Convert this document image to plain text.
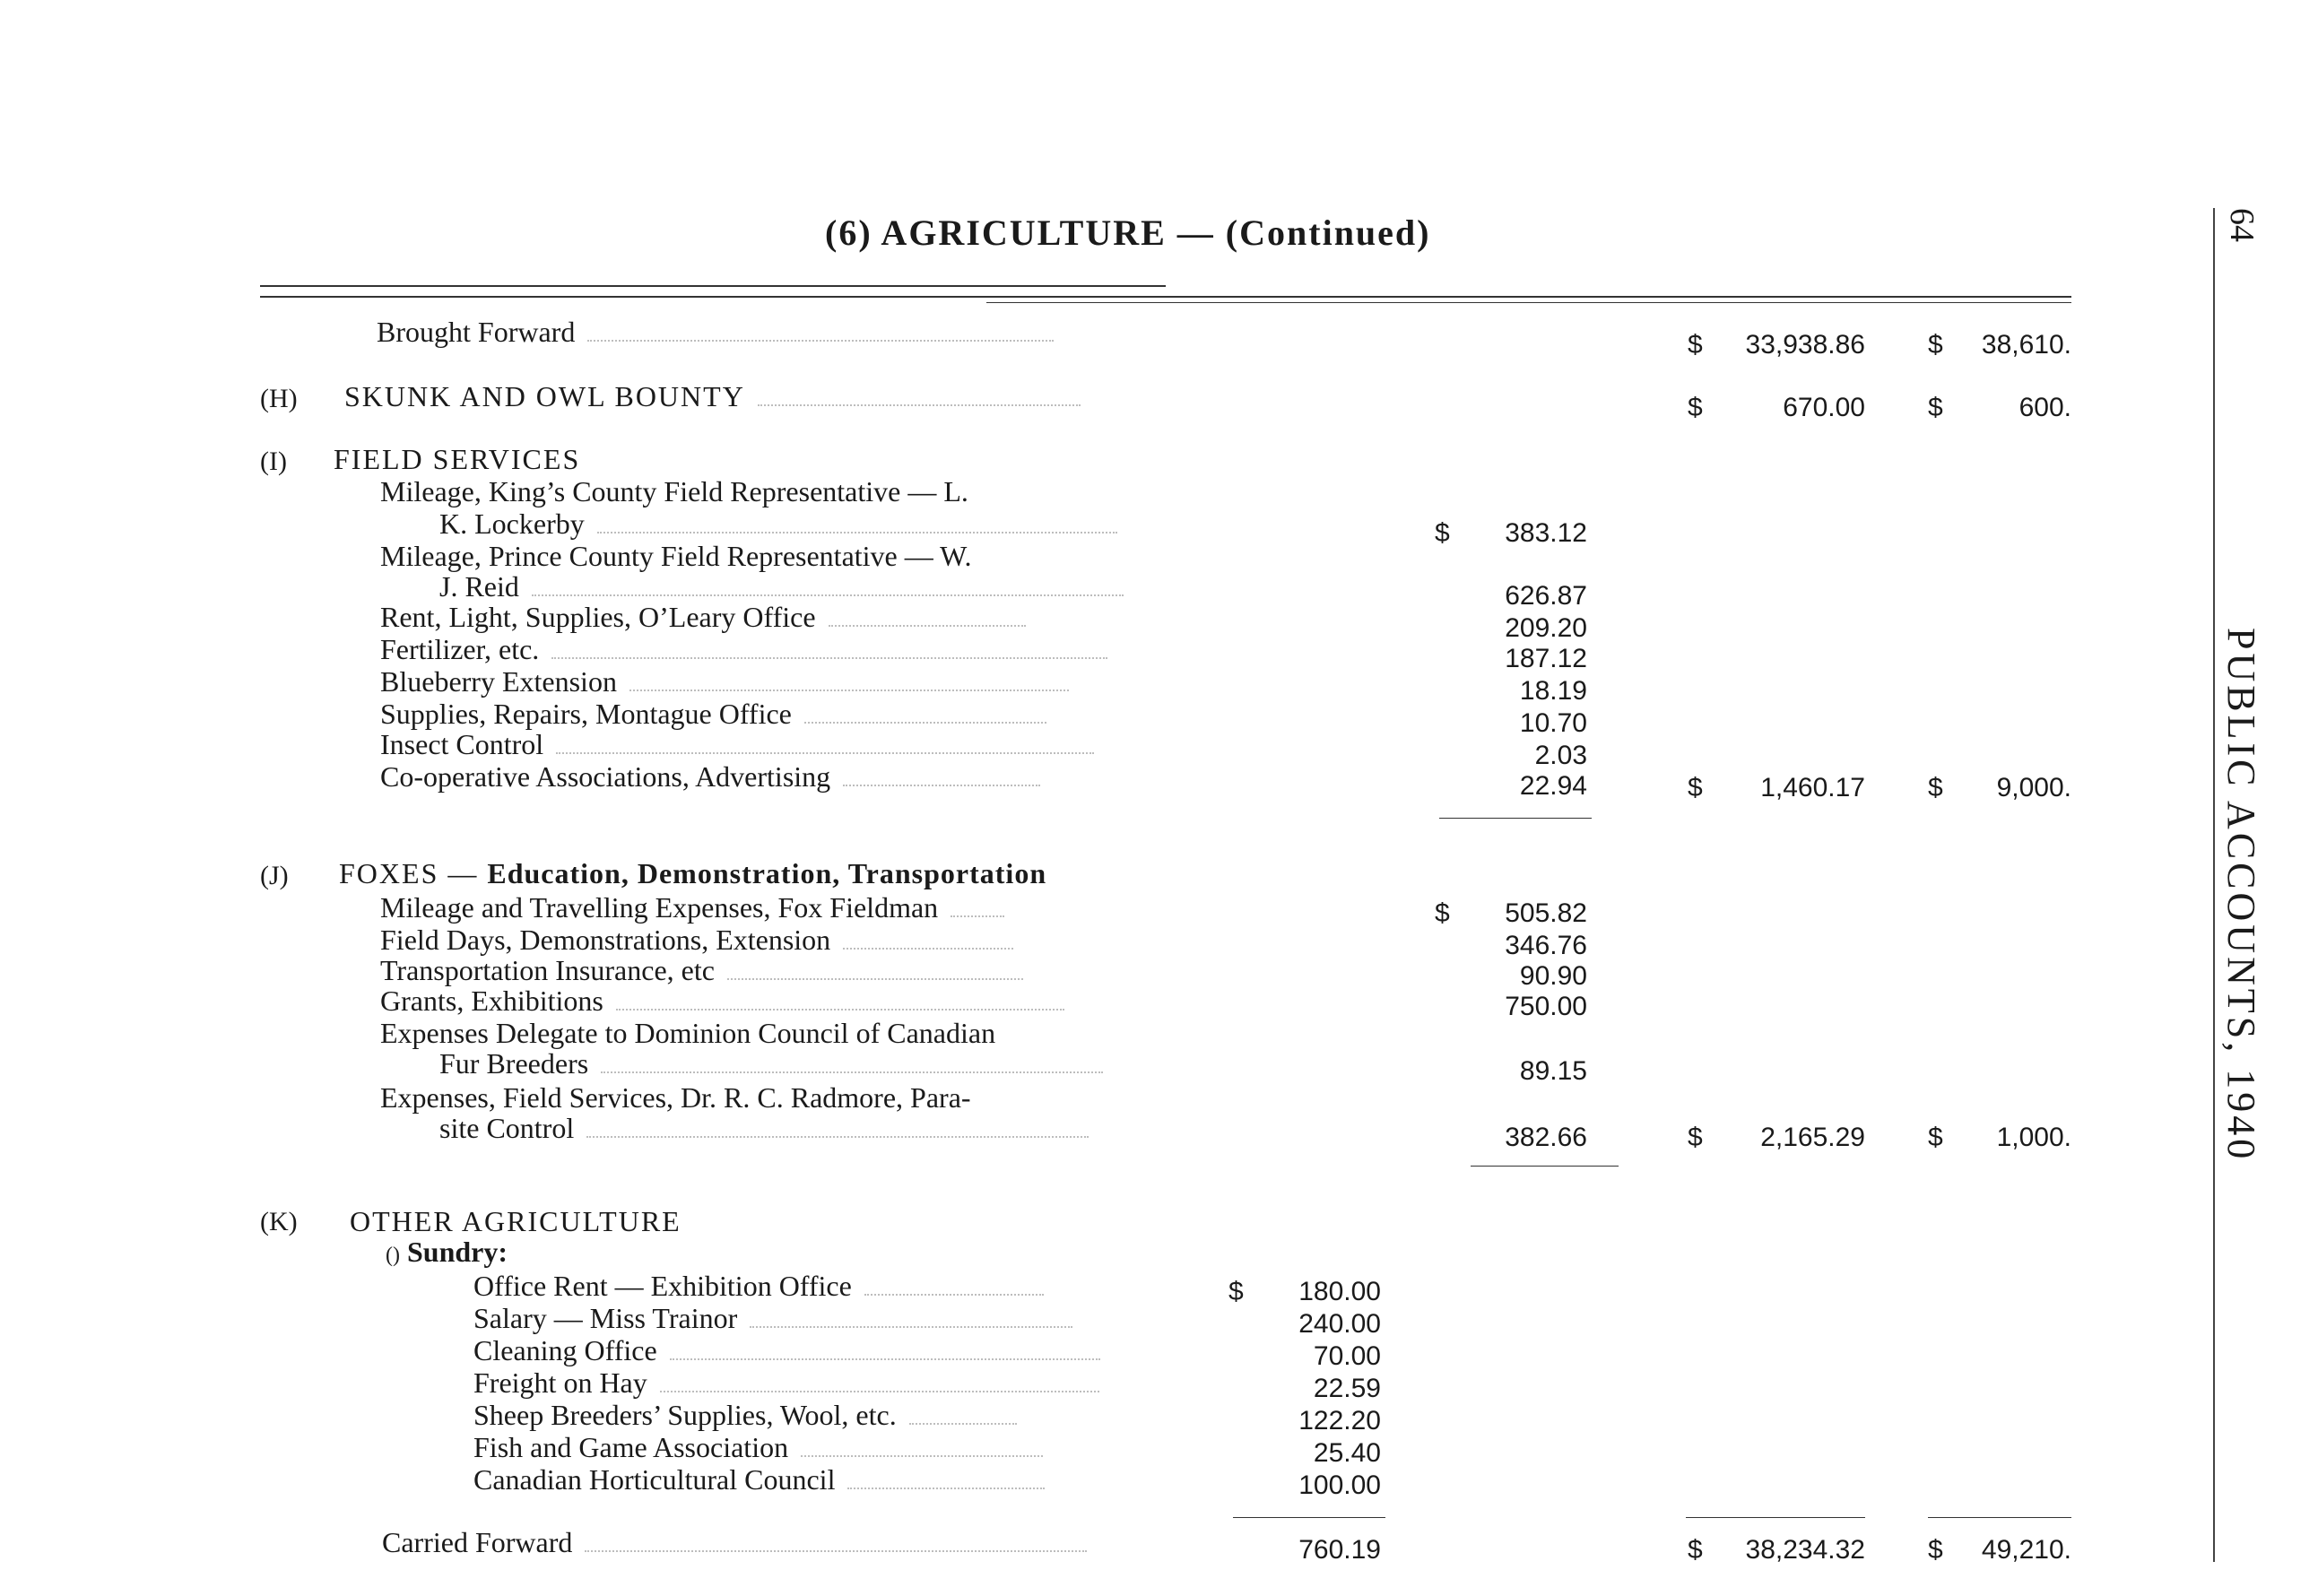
(6) AGRICULTURE — (Continued)	64
PUBLIC ACCOUNTS, 1940
Brought Forward	$	33,938.86 $	38,610.
(H) SKUNK AND OWL BOUNTY	$	670.00 $	600.
(I) FIELD SERVICES
Mileage, King’s County Field Representative — L.
K. Lockerby	$	383.12
Mileage, Prince County Field Representative — W.
J. Reid	626.87
Rent, Light, Supplies, O’Leary Office	209.20
Fertilizer, etc.	187.12
Blueberry Extension	18.19
Supplies, Repairs, Montague Office	10.70
Insect Control	2.03
Co-operative Associations, Advertising	22.94	$	1,460.17 $	9,000.
(J) FOXES — Education, Demonstration, Transportation
Mileage and Travelling Expenses, Fox Fieldman	$	505.82
Field Days, Demonstrations, Extension	346.76
Transportation Insurance, etc	90.90
Grants, Exhibitions	750.00
Expenses Delegate to Dominion Council of Canadian
Fur Breeders	89.15
Expenses, Field Services, Dr. R. C. Radmore, Para-
site Control	382.66	$	2,165.29 $	1,000.
(K) OTHER AGRICULTURE
() Sundry:
Office Rent — Exhibition Office	$	180.00
Salary — Miss Trainor	240.00
Cleaning Office	70.00
Freight on Hay	22.59
Sheep Breeders’ Supplies, Wool, etc.	122.20
Fish and Game Association	25.40
Canadian Horticultural Council	100.00
Carried Forward	760.19	$	38,234.32 $	49,210.
